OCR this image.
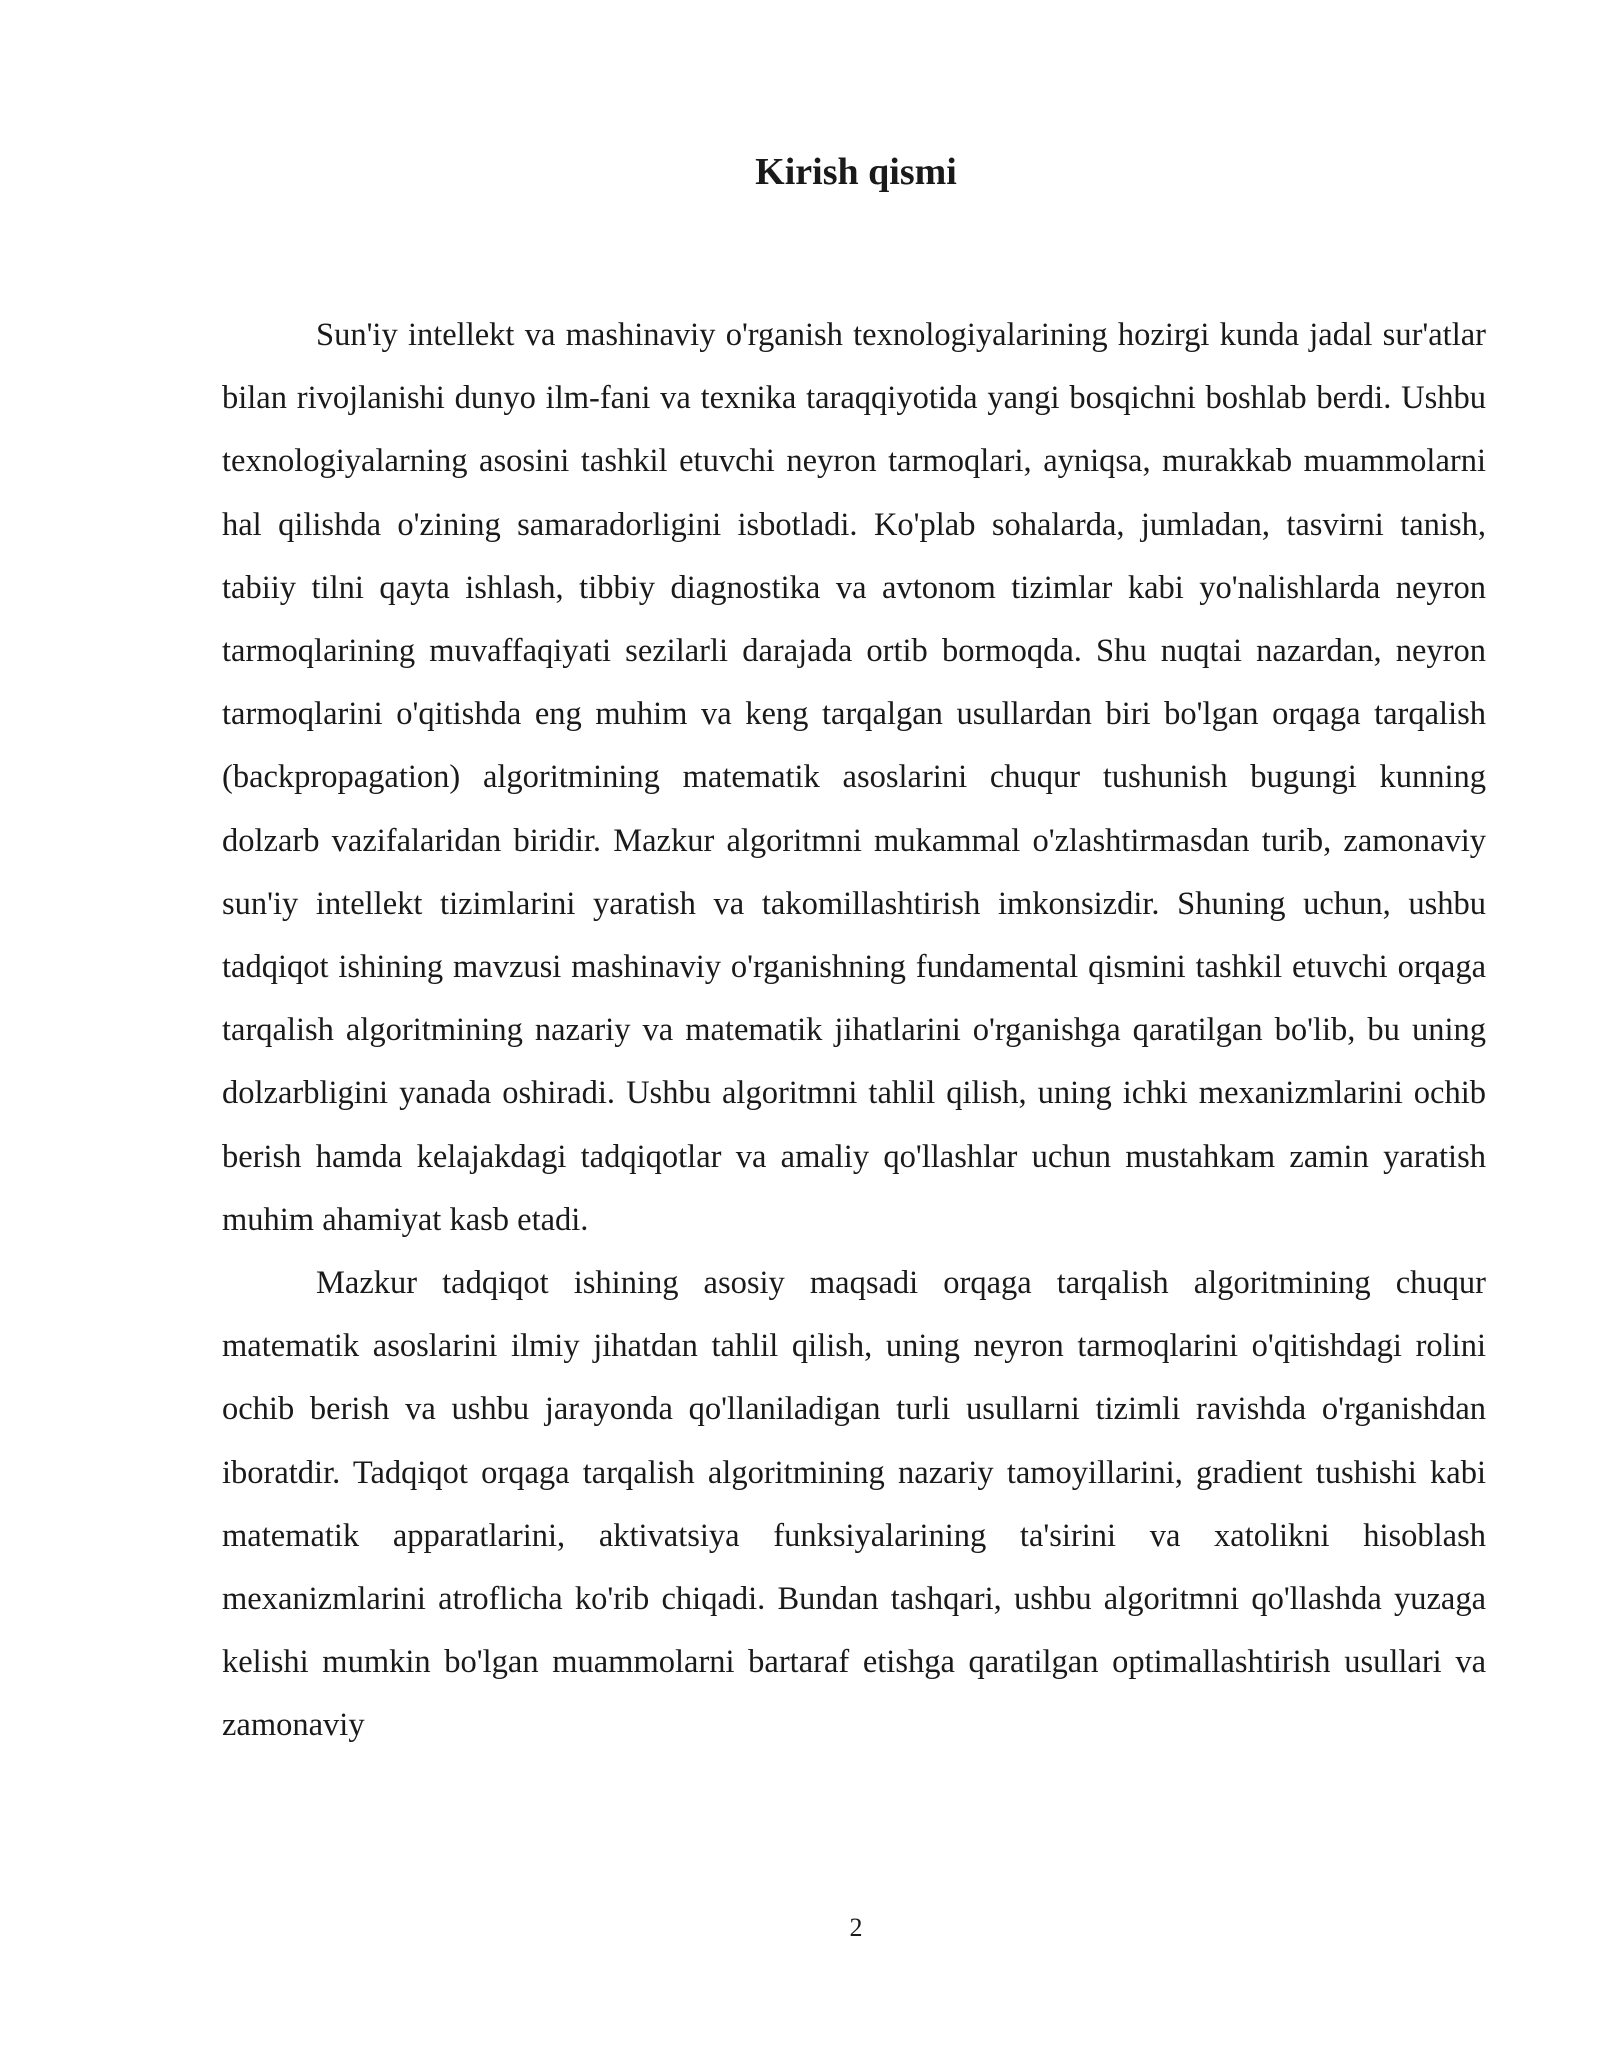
Kirish qismi

Sun'iy intellekt va mashinaviy o'rganish texnologiyalarining hozirgi kunda jadal sur'atlar bilan rivojlanishi dunyo ilm-fani va texnika taraqqiyotida yangi bosqichni boshlab berdi. Ushbu texnologiyalarning asosini tashkil etuvchi neyron tarmoqlari, ayniqsa, murakkab muammolarni hal qilishda o'zining samaradorligini isbotladi. Ko'plab sohalarda, jumladan, tasvirni tanish, tabiiy tilni qayta ishlash, tibbiy diagnostika va avtonom tizimlar kabi yo'nalishlarda neyron tarmoqlarining muvaffaqiyati sezilarli darajada ortib bormoqda. Shu nuqtai nazardan, neyron tarmoqlarini o'qitishda eng muhim va keng tarqalgan usullardan biri bo'lgan orqaga tarqalish (backpropagation) algoritmining matematik asoslarini chuqur tushunish bugungi kunning dolzarb vazifalaridan biridir. Mazkur algoritmni mukammal o'zlashtirmasdan turib, zamonaviy sun'iy intellekt tizimlarini yaratish va takomillashtirish imkonsizdir. Shuning uchun, ushbu tadqiqot ishining mavzusi mashinaviy o'rganishning fundamental qismini tashkil etuvchi orqaga tarqalish algoritmining nazariy va matematik jihatlarini o'rganishga qaratilgan bo'lib, bu uning dolzarbligini yanada oshiradi. Ushbu algoritmni tahlil qilish, uning ichki mexanizmlarini ochib berish hamda kelajakdagi tadqiqotlar va amaliy qo'llashlar uchun mustahkam zamin yaratish muhim ahamiyat kasb etadi.

Mazkur tadqiqot ishining asosiy maqsadi orqaga tarqalish algoritmining chuqur matematik asoslarini ilmiy jihatdan tahlil qilish, uning neyron tarmoqlarini o'qitishdagi rolini ochib berish va ushbu jarayonda qo'llaniladigan turli usullarni tizimli ravishda o'rganishdan iboratdir. Tadqiqot orqaga tarqalish algoritmining nazariy tamoyillarini, gradient tushishi kabi matematik apparatlarini, aktivatsiya funksiyalarining ta'sirini va xatolikni hisoblash mexanizmlarini atroflicha ko'rib chiqadi. Bundan tashqari, ushbu algoritmni qo'llashda yuzaga kelishi mumkin bo'lgan muammolarni bartaraf etishga qaratilgan optimallashtirish usullari va zamonaviy

2
